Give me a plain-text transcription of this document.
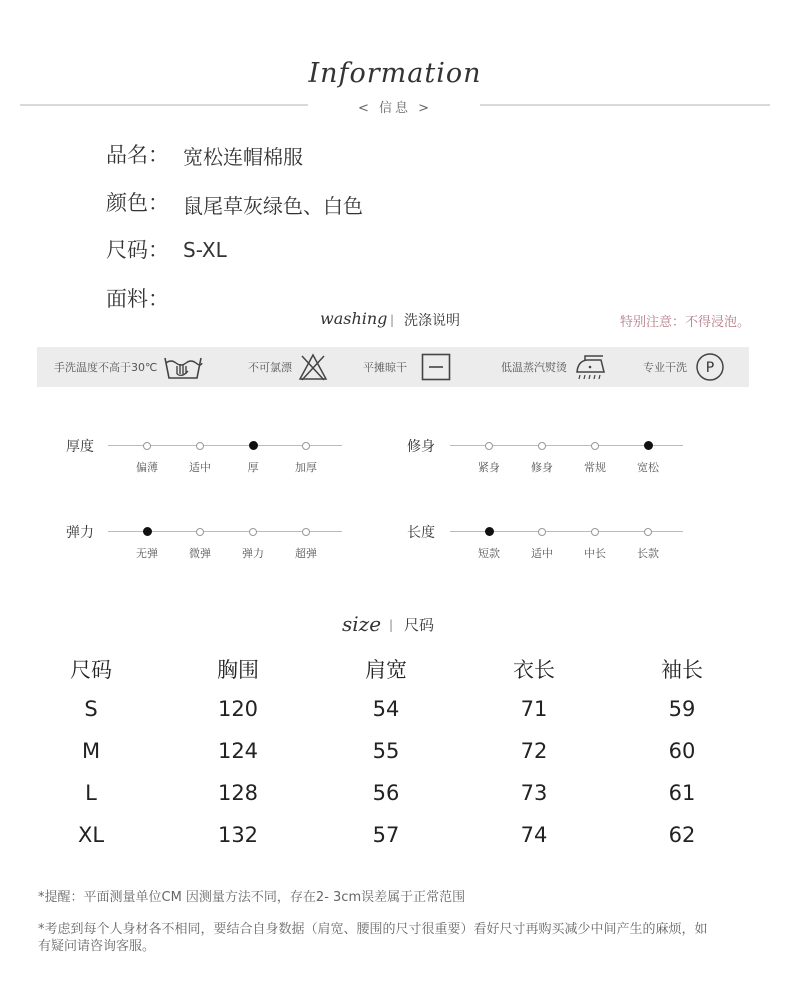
Information
< 信息 >
品名： 宽松连帽棉服
颜色： 鼠尾草灰绿色、白色
尺码： S-XL
面料：
washing | 洗涤说明	特别注意：不得浸泡。
手洗温度不高于30℃	不可氯漂	平摊晾干	低温蒸汽熨烫	专业干洗 P
厚度
偏薄	适中	厚	加厚
修身
紧身	修身	常规	宽松
弹力
无弹	微弹	弹力	超弹
长度
短款	适中	中长	长款
size | 尺码
尺码	胸围	肩宽	衣长	袖长
S	120	54	71	59
M	124	55	72	60
L	128	56	73	61
XL	132	57	74	62
*提醒：平面测量单位CM 因测量方法不同，存在2- 3cm误差属于正常范围
*考虑到每个人身材各不相同，要结合自身数据（肩宽、腰围的尺寸很重要）看好尺寸再购买减少中间产生的麻烦，如
有疑问请咨询客服。
